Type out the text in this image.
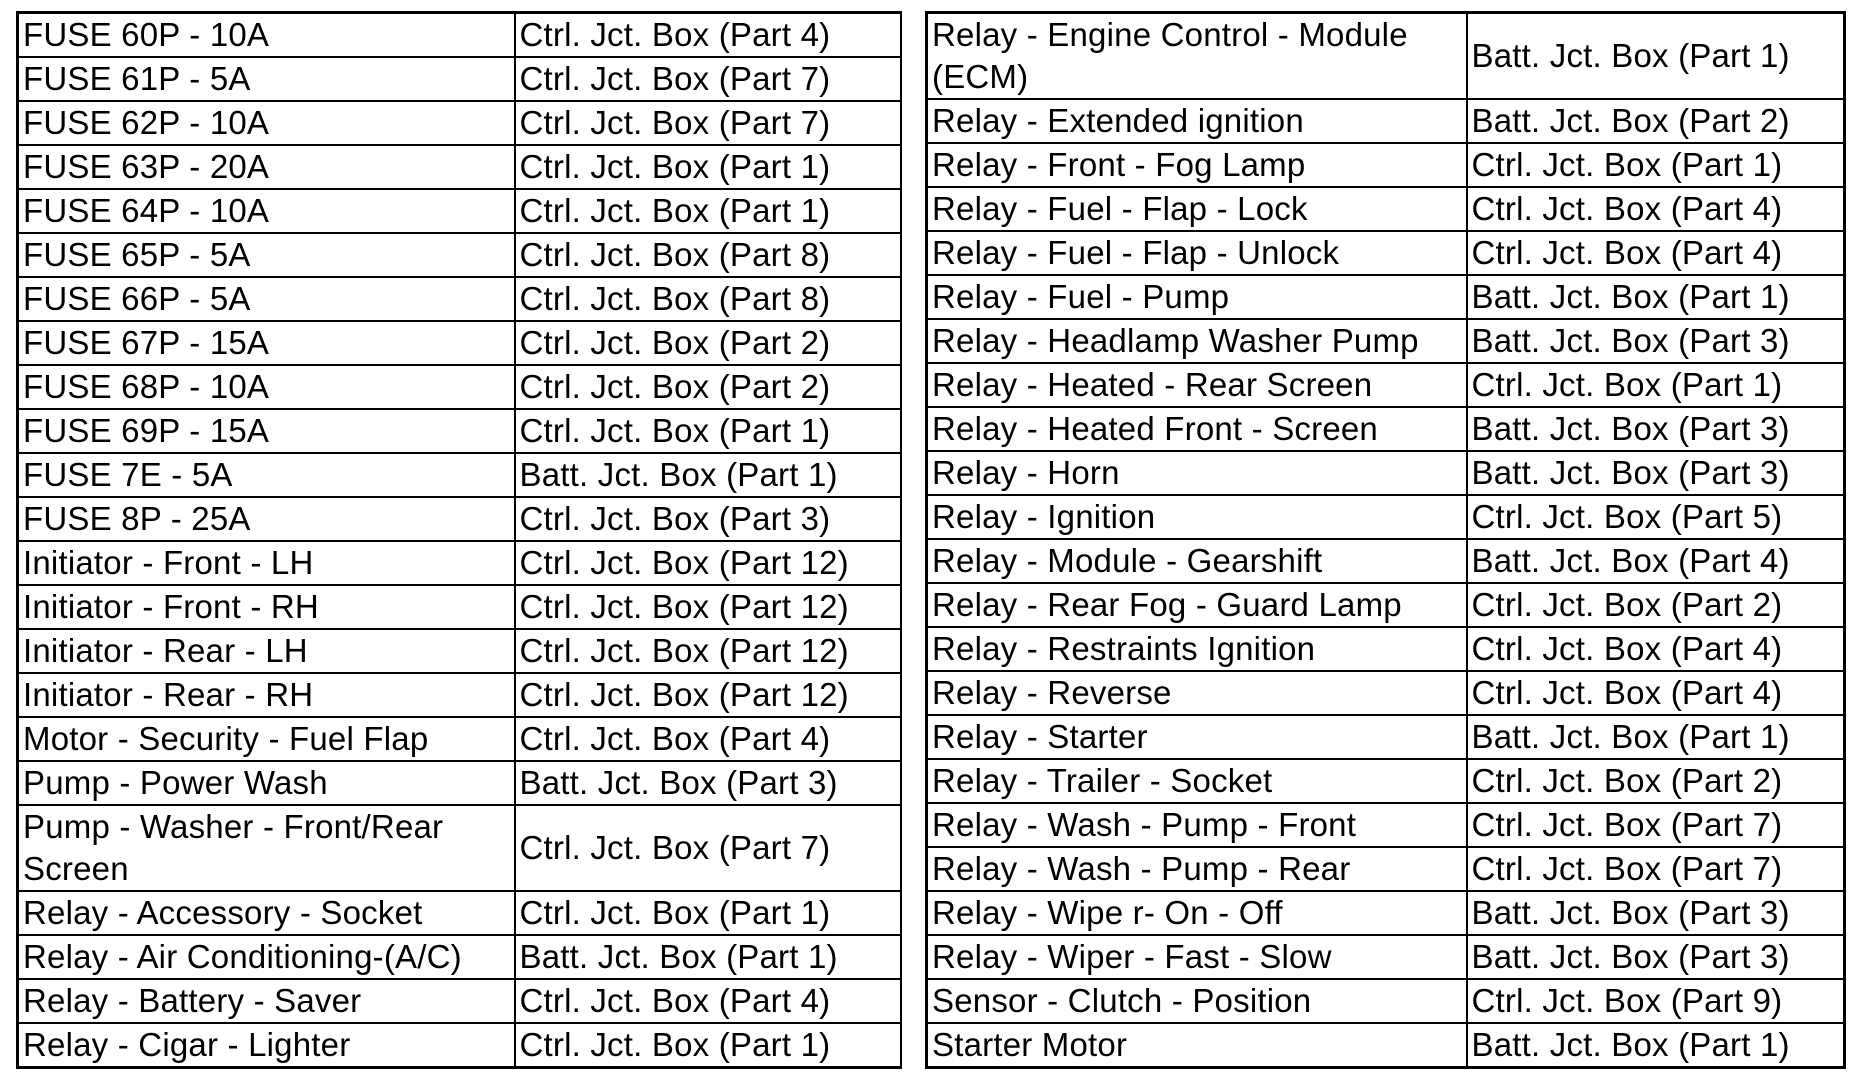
FUSE 60P - 10A	Ctrl. Jct. Box (Part 4)
FUSE 61P - 5A	Ctrl. Jct. Box (Part 7)
FUSE 62P - 10A	Ctrl. Jct. Box (Part 7)
FUSE 63P - 20A	Ctrl. Jct. Box (Part 1)
FUSE 64P - 10A	Ctrl. Jct. Box (Part 1)
FUSE 65P - 5A	Ctrl. Jct. Box (Part 8)
FUSE 66P - 5A	Ctrl. Jct. Box (Part 8)
FUSE 67P - 15A	Ctrl. Jct. Box (Part 2)
FUSE 68P - 10A	Ctrl. Jct. Box (Part 2)
FUSE 69P - 15A	Ctrl. Jct. Box (Part 1)
FUSE 7E - 5A	Batt. Jct. Box (Part 1)
FUSE 8P - 25A	Ctrl. Jct. Box (Part 3)
Initiator - Front - LH	Ctrl. Jct. Box (Part 12)
Initiator - Front - RH	Ctrl. Jct. Box (Part 12)
Initiator - Rear - LH	Ctrl. Jct. Box (Part 12)
Initiator - Rear - RH	Ctrl. Jct. Box (Part 12)
Motor - Security - Fuel Flap	Ctrl. Jct. Box (Part 4)
Pump - Power Wash	Batt. Jct. Box (Part 3)
Pump - Washer - Front/Rear Screen	Ctrl. Jct. Box (Part 7)
Relay - Accessory - Socket	Ctrl. Jct. Box (Part 1)
Relay - Air Conditioning-(A/C)	Batt. Jct. Box (Part 1)
Relay - Battery - Saver	Ctrl. Jct. Box (Part 4)
Relay - Cigar - Lighter	Ctrl. Jct. Box (Part 1)
Relay - Engine Control - Module (ECM)	Batt. Jct. Box (Part 1)
Relay - Extended ignition	Batt. Jct. Box (Part 2)
Relay - Front - Fog Lamp	Ctrl. Jct. Box (Part 1)
Relay - Fuel - Flap - Lock	Ctrl. Jct. Box (Part 4)
Relay - Fuel - Flap - Unlock	Ctrl. Jct. Box (Part 4)
Relay - Fuel - Pump	Batt. Jct. Box (Part 1)
Relay - Headlamp Washer Pump	Batt. Jct. Box (Part 3)
Relay - Heated - Rear Screen	Ctrl. Jct. Box (Part 1)
Relay - Heated Front - Screen	Batt. Jct. Box (Part 3)
Relay - Horn	Batt. Jct. Box (Part 3)
Relay - Ignition	Ctrl. Jct. Box (Part 5)
Relay - Module - Gearshift	Batt. Jct. Box (Part 4)
Relay - Rear Fog - Guard Lamp	Ctrl. Jct. Box (Part 2)
Relay - Restraints Ignition	Ctrl. Jct. Box (Part 4)
Relay - Reverse	Ctrl. Jct. Box (Part 4)
Relay - Starter	Batt. Jct. Box (Part 1)
Relay - Trailer - Socket	Ctrl. Jct. Box (Part 2)
Relay - Wash - Pump - Front	Ctrl. Jct. Box (Part 7)
Relay - Wash - Pump - Rear	Ctrl. Jct. Box (Part 7)
Relay - Wipe r- On - Off	Batt. Jct. Box (Part 3)
Relay - Wiper - Fast - Slow	Batt. Jct. Box (Part 3)
Sensor - Clutch - Position	Ctrl. Jct. Box (Part 9)
Starter Motor	Batt. Jct. Box (Part 1)
